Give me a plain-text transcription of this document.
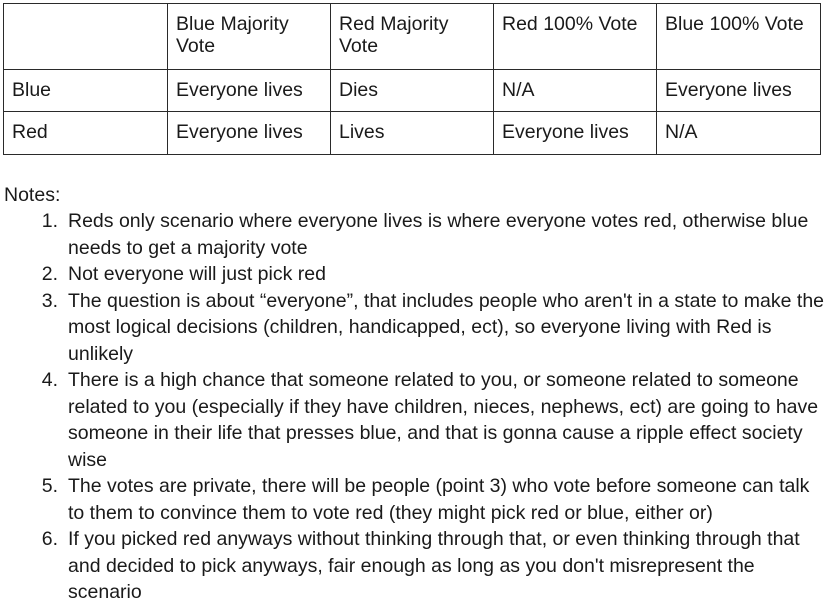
	Blue Majority Vote	Red Majority Vote	Red 100% Vote	Blue 100% Vote
Blue	Everyone lives	Dies	N/A	Everyone lives
Red	Everyone lives	Lives	Everyone lives	N/A
Notes:
1. Reds only scenario where everyone lives is where everyone votes red, otherwise blue needs to get a majority vote
2. Not everyone will just pick red
3. The question is about “everyone”, that includes people who aren't in a state to make the most logical decisions (children, handicapped, ect), so everyone living with Red is unlikely
4. There is a high chance that someone related to you, or someone related to someone related to you (especially if they have children, nieces, nephews, ect) are going to have someone in their life that presses blue, and that is gonna cause a ripple effect society wise
5. The votes are private, there will be people (point 3) who vote before someone can talk to them to convince them to vote red (they might pick red or blue, either or)
6. If you picked red anyways without thinking through that, or even thinking through that and decided to pick anyways, fair enough as long as you don't misrepresent the scenario
